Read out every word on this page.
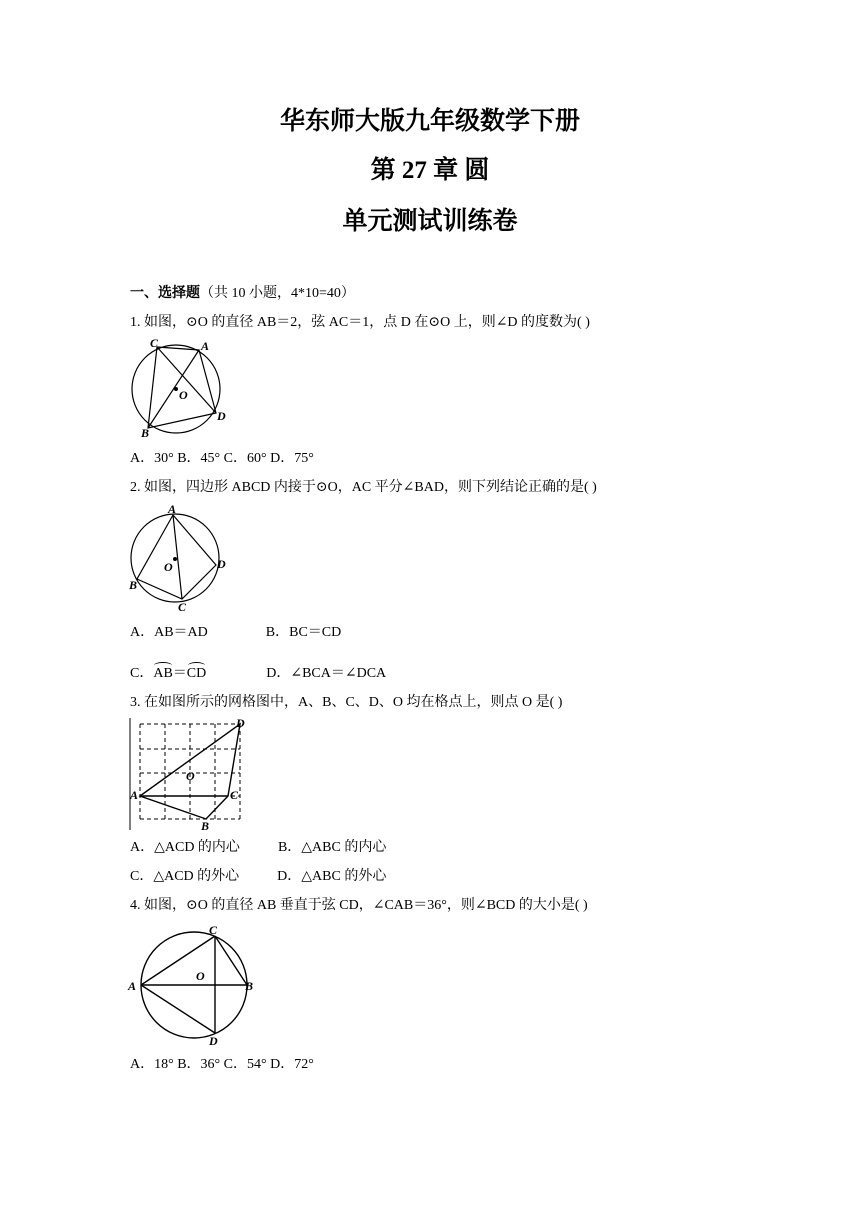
华东师大版九年级数学下册
第 27 章 圆
单元测试训练卷
一、选择题（共 10 小题，4*10=40）
1. 如图，⊙O 的直径 AB＝2，弦 AC＝1，点 D 在⊙O 上，则∠D 的度数为( )
C	A
O
D
B
A．30° B．45° C．60° D．75°
2. 如图，四边形 ABCD 内接于⊙O，AC 平分∠BAD，则下列结论正确的是( )
A
O	D
B
C
A．AB＝AD	B．BC＝CD
C．AB＝CD	D．∠BCA＝∠DCA
3. 在如图所示的网格图中，A、B、C、D、O 均在格点上，则点 O 是( )
D
O
A	C
B
A．△ACD 的内心	B．△ABC 的内心
C．△ACD 的外心	D．△ABC 的外心
4. 如图，⊙O 的直径 AB 垂直于弦 CD，∠CAB＝36°，则∠BCD 的大小是( )
C
O
A	B
D
A．18° B．36° C．54° D．72°
